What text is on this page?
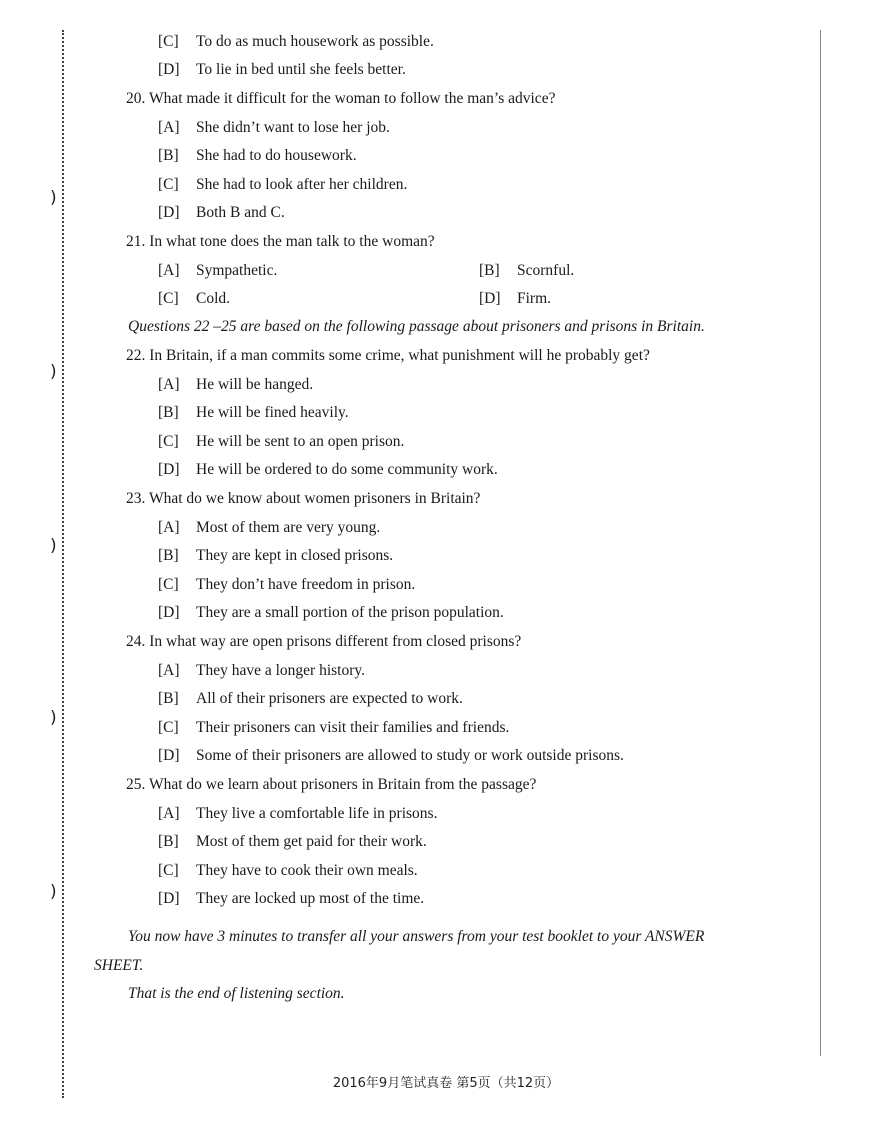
)
)
)
)
)
[C] To do as much housework as possible.
[D] To lie in bed until she feels better.
20. What made it difficult for the woman to follow the man’s advice?
[A] She didn’t want to lose her job.
[B] She had to do housework.
[C] She had to look after her children.
[D] Both B and C.
21. In what tone does the man talk to the woman?
[A] Sympathetic.	[B] Scornful.
[C] Cold.	[D] Firm.
Questions 22 –25 are based on the following passage about prisoners and prisons in Britain.
22. In Britain, if a man commits some crime, what punishment will he probably get?
[A] He will be hanged.
[B] He will be fined heavily.
[C] He will be sent to an open prison.
[D] He will be ordered to do some community work.
23. What do we know about women prisoners in Britain?
[A] Most of them are very young.
[B] They are kept in closed prisons.
[C] They don’t have freedom in prison.
[D] They are a small portion of the prison population.
24. In what way are open prisons different from closed prisons?
[A] They have a longer history.
[B] All of their prisoners are expected to work.
[C] Their prisoners can visit their families and friends.
[D] Some of their prisoners are allowed to study or work outside prisons.
25. What do we learn about prisoners in Britain from the passage?
[A] They live a comfortable life in prisons.
[B] Most of them get paid for their work.
[C] They have to cook their own meals.
[D] They are locked up most of the time.
You now have 3 minutes to transfer all your answers from your test booklet to your ANSWER
SHEET.
That is the end of listening section.
2016年9月笔试真卷 第5页（共12页）
